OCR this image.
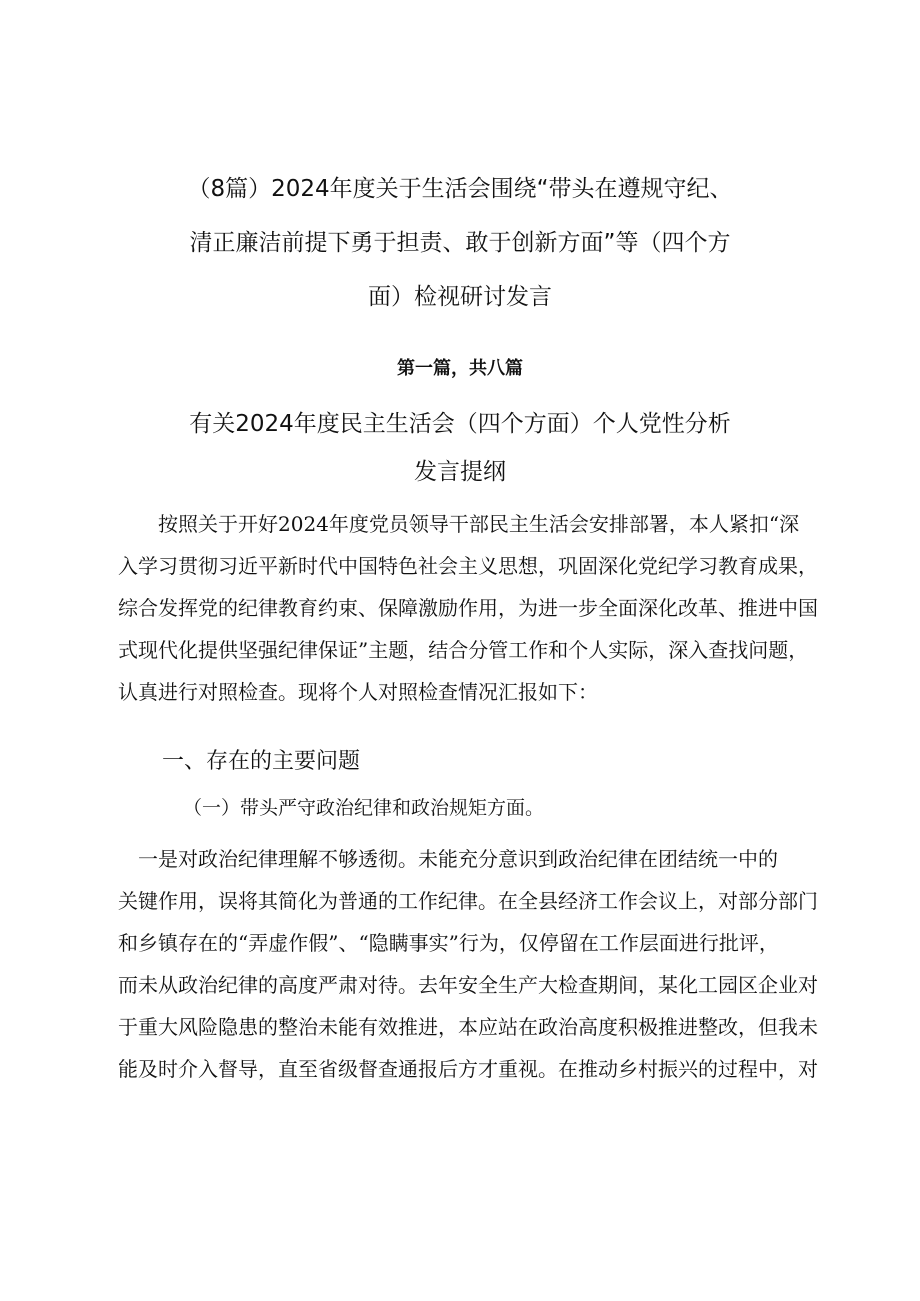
（8篇）2024年度关于生活会围绕“带头在遵规守纪、
清正廉洁前提下勇于担责、敢于创新方面”等（四个方
面）检视研讨发言
第一篇，共八篇
有关2024年度民主生活会（四个方面）个人党性分析
发言提纲
　　按照关于开好2024年度党员领导干部民主生活会安排部署，本人紧扣“深
入学习贯彻习近平新时代中国特色社会主义思想，巩固深化党纪学习教育成果，
综合发挥党的纪律教育约束、保障激励作用，为进一步全面深化改革、推进中国
式现代化提供坚强纪律保证”主题，结合分管工作和个人实际，深入查找问题，
认真进行对照检查。现将个人对照检查情况汇报如下：
一、存在的主要问题
（一）带头严守政治纪律和政治规矩方面。
　一是对政治纪律理解不够透彻。未能充分意识到政治纪律在团结统一中的
关键作用，误将其简化为普通的工作纪律。在全县经济工作会议上，对部分部门
和乡镇存在的“弄虚作假”、“隐瞒事实”行为，仅停留在工作层面进行批评，
而未从政治纪律的高度严肃对待。去年安全生产大检查期间，某化工园区企业对
于重大风险隐患的整治未能有效推进，本应站在政治高度积极推进整改，但我未
能及时介入督导，直至省级督查通报后方才重视。在推动乡村振兴的过程中，对
